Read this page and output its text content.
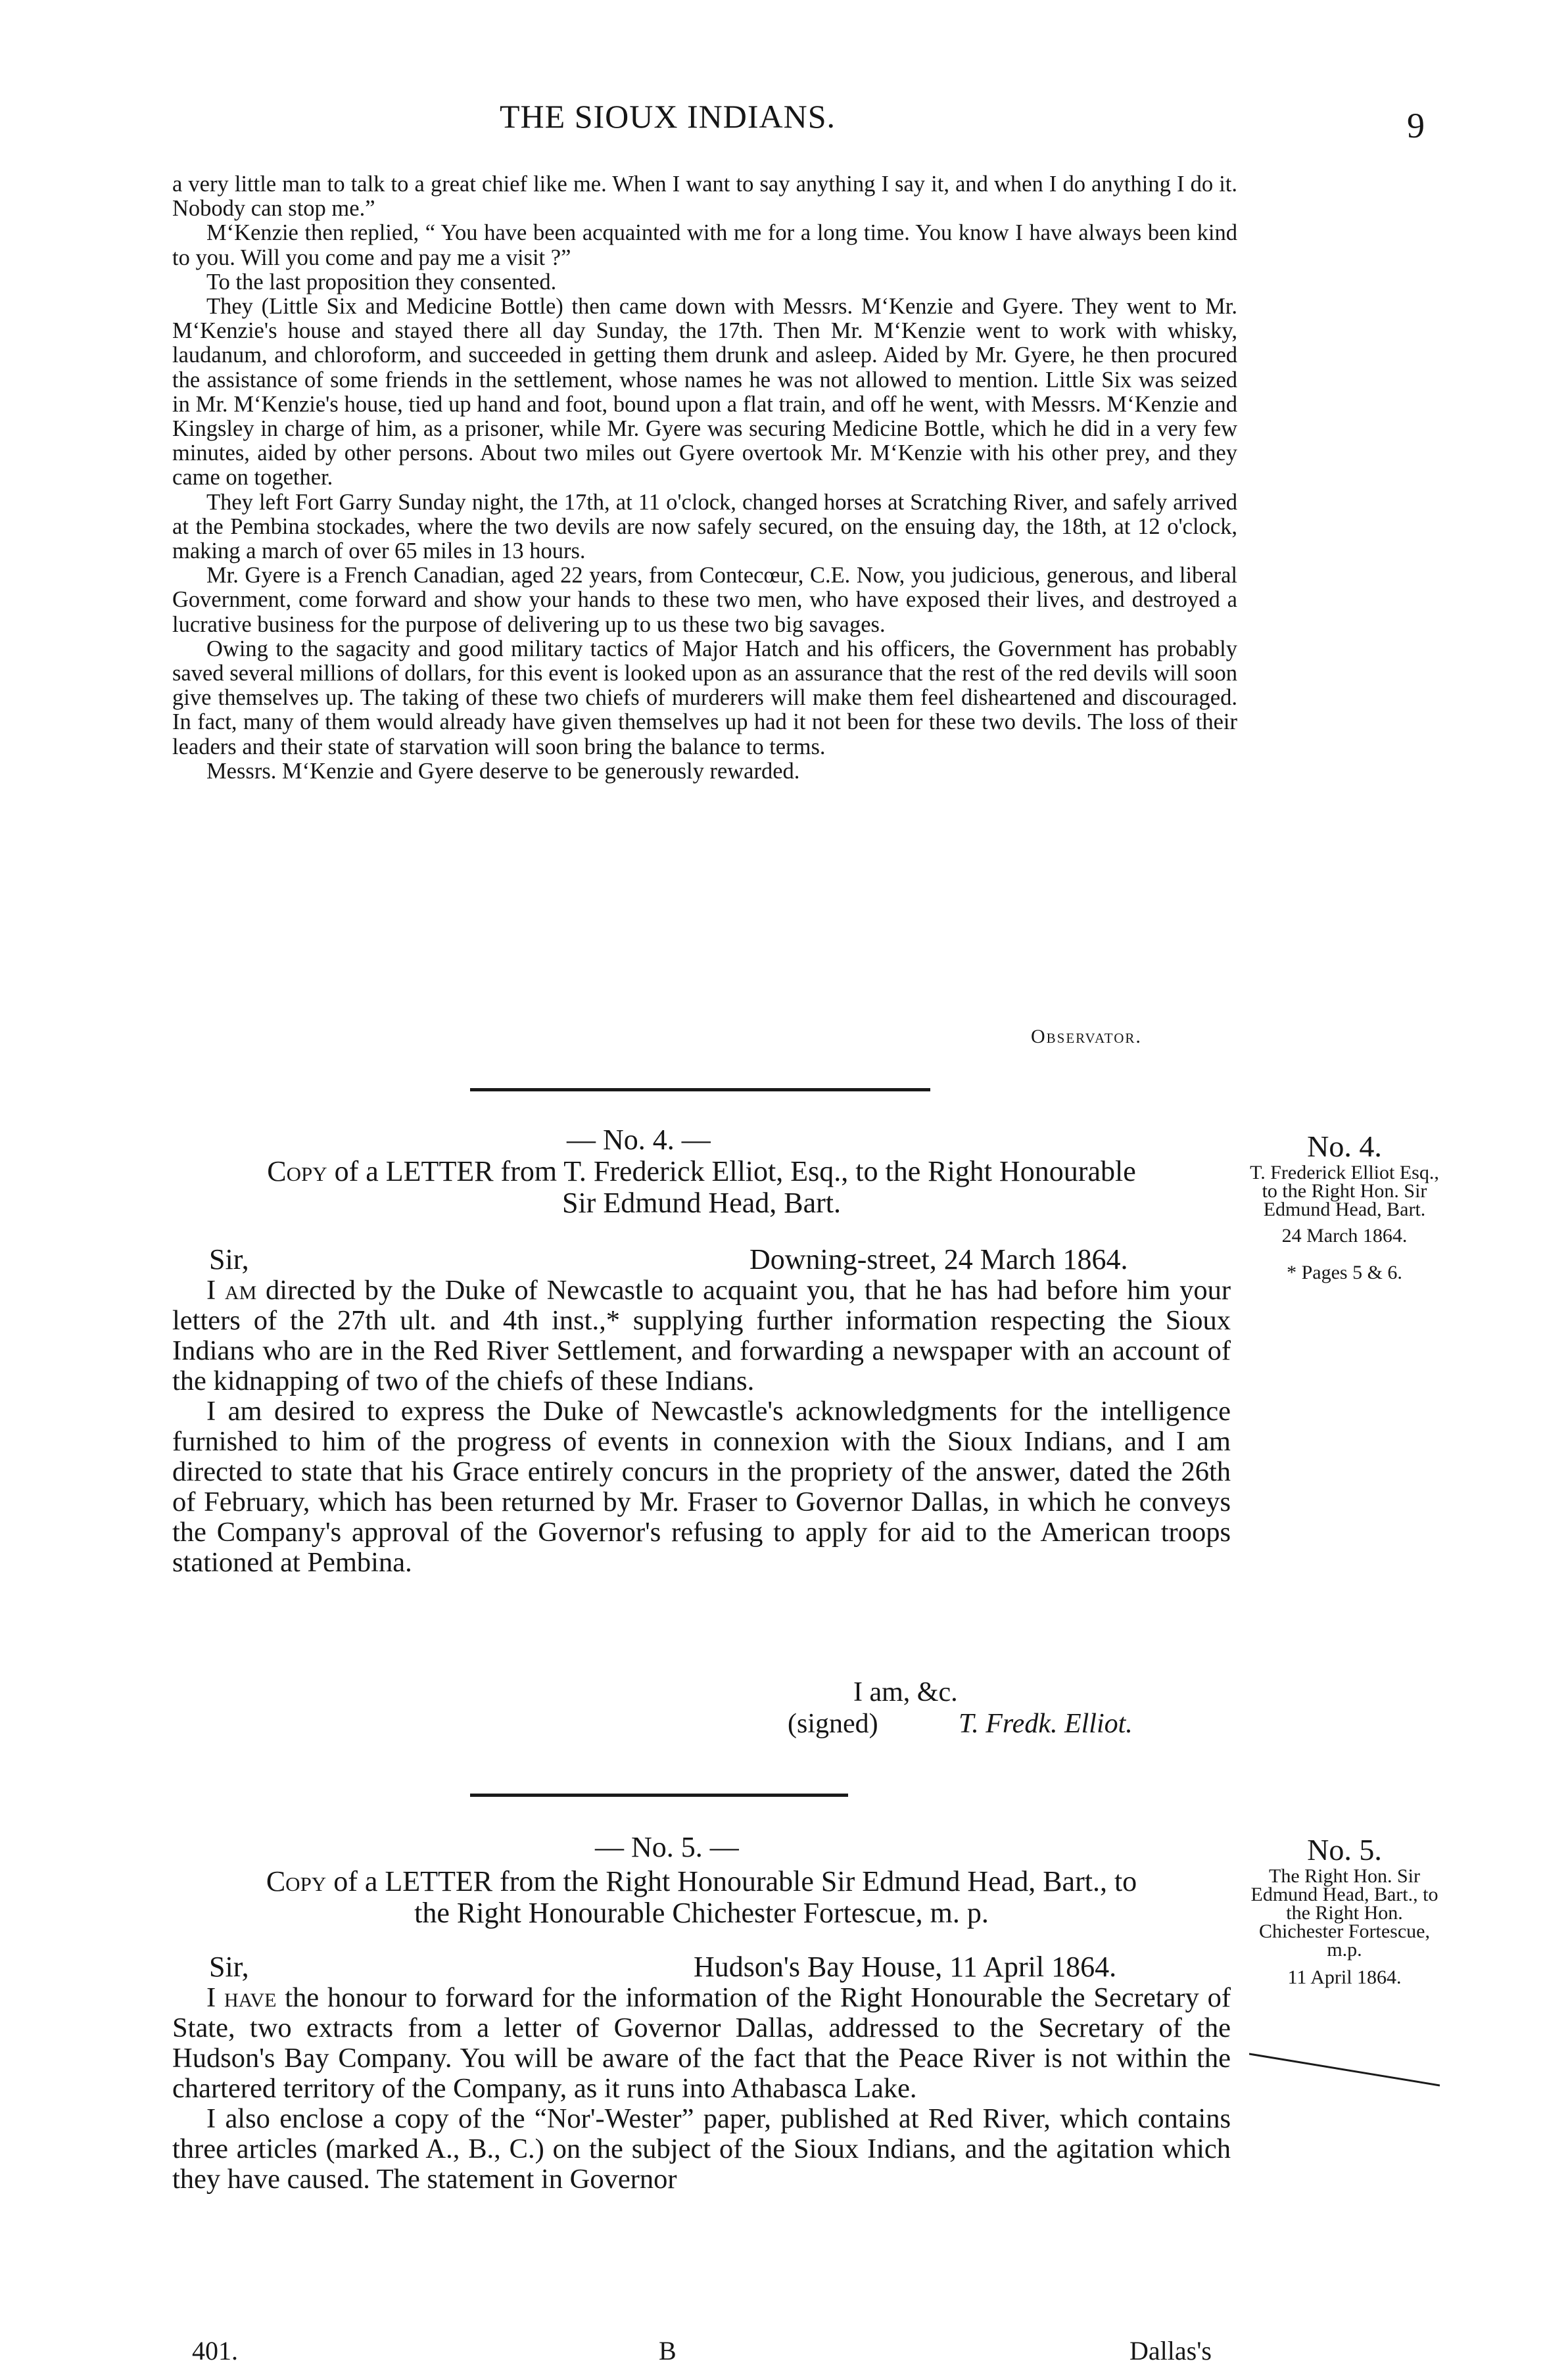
THE SIOUX INDIANS.	9

a very little man to talk to a great chief like me. When I want to say anything I say it, and when I do anything I do it. Nobody can stop me.”

M‘Kenzie then replied, “ You have been acquainted with me for a long time. You know I have always been kind to you. Will you come and pay me a visit ?”

To the last proposition they consented.

They (Little Six and Medicine Bottle) then came down with Messrs. M‘Kenzie and Gyere. They went to Mr. M‘Kenzie's house and stayed there all day Sunday, the 17th. Then Mr. M‘Kenzie went to work with whisky, laudanum, and chloroform, and succeeded in getting them drunk and asleep. Aided by Mr. Gyere, he then procured the assistance of some friends in the settlement, whose names he was not allowed to mention. Little Six was seized in Mr. M‘Kenzie's house, tied up hand and foot, bound upon a flat train, and off he went, with Messrs. M‘Kenzie and Kingsley in charge of him, as a prisoner, while Mr. Gyere was securing Medicine Bottle, which he did in a very few minutes, aided by other persons. About two miles out Gyere overtook Mr. M‘Kenzie with his other prey, and they came on together.

They left Fort Garry Sunday night, the 17th, at 11 o'clock, changed horses at Scratching River, and safely arrived at the Pembina stockades, where the two devils are now safely secured, on the ensuing day, the 18th, at 12 o'clock, making a march of over 65 miles in 13 hours.

Mr. Gyere is a French Canadian, aged 22 years, from Contecœur, C.E. Now, you judicious, generous, and liberal Government, come forward and show your hands to these two men, who have exposed their lives, and destroyed a lucrative business for the purpose of delivering up to us these two big savages.

Owing to the sagacity and good military tactics of Major Hatch and his officers, the Government has probably saved several millions of dollars, for this event is looked upon as an assurance that the rest of the red devils will soon give themselves up. The taking of these two chiefs of murderers will make them feel disheartened and discouraged. In fact, many of them would already have given themselves up had it not been for these two devils. The loss of their leaders and their state of starvation will soon bring the balance to terms.

Messrs. M‘Kenzie and Gyere deserve to be generously rewarded.

Observator.
— No. 4. —
Copy of a LETTER from T. Frederick Elliot, Esq., to the Right Honourable
Sir Edmund Head, Bart.
Sir,	Downing-street, 24 March 1864.

I am directed by the Duke of Newcastle to acquaint you, that he has had before him your letters of the 27th ult. and 4th inst.,* supplying further information respecting the Sioux Indians who are in the Red River Settlement, and forwarding a newspaper with an account of the kidnapping of two of the chiefs of these Indians.

I am desired to express the Duke of Newcastle's acknowledgments for the intelligence furnished to him of the progress of events in connexion with the Sioux Indians, and I am directed to state that his Grace entirely concurs in the propriety of the answer, dated the 26th of February, which has been returned by Mr. Fraser to Governor Dallas, in which he conveys the Company's approval of the Governor's refusing to apply for aid to the American troops stationed at Pembina.

I am, &c.
(signed)	T. Fredk. Elliot.
No. 4.
T. Frederick Elliot Esq., to the Right Hon. Sir Edmund Head, Bart.
24 March 1864.
* Pages 5 & 6.
— No. 5. —
Copy of a LETTER from the Right Honourable Sir Edmund Head, Bart., to
the Right Honourable Chichester Fortescue, m. p.
Sir,	Hudson's Bay House, 11 April 1864.

I have the honour to forward for the information of the Right Honourable the Secretary of State, two extracts from a letter of Governor Dallas, addressed to the Secretary of the Hudson's Bay Company. You will be aware of the fact that the Peace River is not within the chartered territory of the Company, as it runs into Athabasca Lake.

I also enclose a copy of the “Nor'-Wester” paper, published at Red River, which contains three articles (marked A., B., C.) on the subject of the Sioux Indians, and the agitation which they have caused. The statement in Governor

No. 5.
The Right Hon. Sir Edmund Head, Bart., to the Right Hon. Chichester Fortescue, m.p.
11 April 1864.
401.	B	Dallas's
